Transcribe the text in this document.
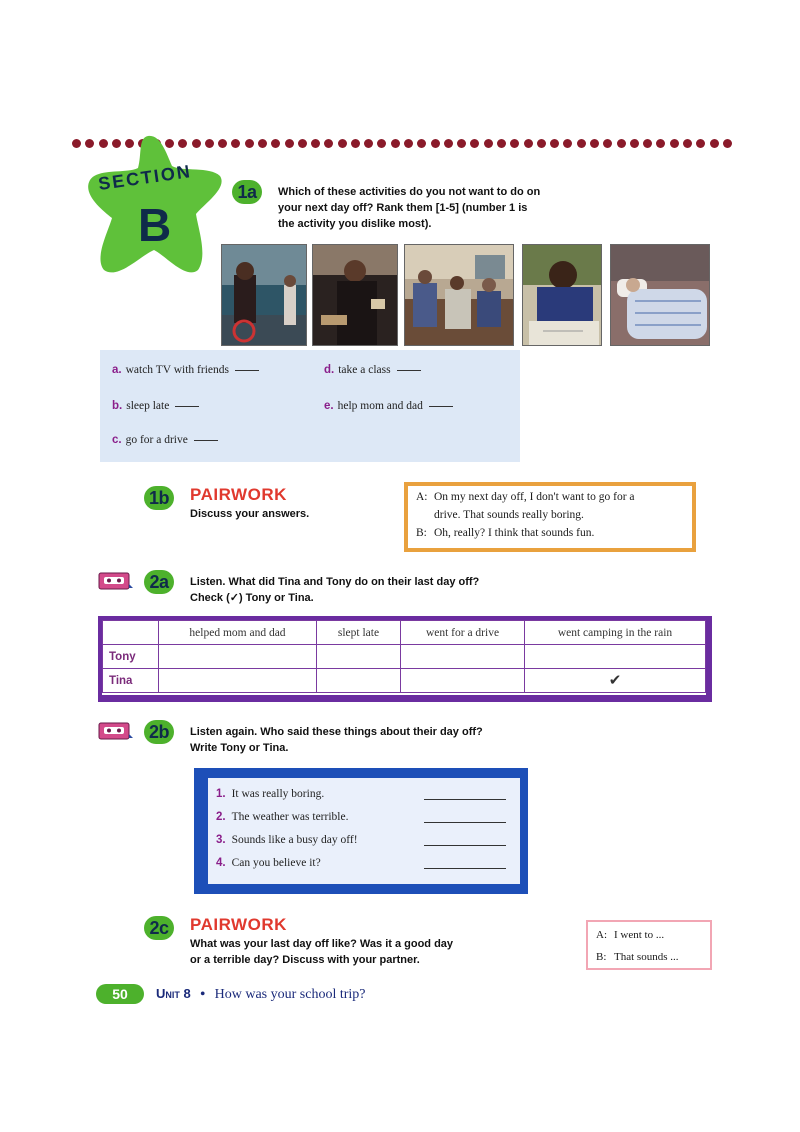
SECTION
B
1a	Which of these activities do you not want to do on
your next day off? Rank them [1-5] (number 1 is
the activity you dislike most).
a. watch TV with friends
b. sleep late
c. go for a drive
d. take a class
e. help mom and dad
1b PAIRWORK
Discuss your answers.
A: On my next day off, I don't want to go for a
drive. That sounds really boring.
B: Oh, really? I think that sounds fun.
2a	Listen. What did Tina and Tony do on their last day off?
Check (✓) Tony or Tina.
	helped mom and dad	slept late	went for a drive	went camping in the rain
Tony				
Tina				✔
2b	Listen again. Who said these things about their day off?
Write Tony or Tina.
1. It was really boring.
2. The weather was terrible.
3. Sounds like a busy day off!
4. Can you believe it?
2c	PAIRWORK
What was your last day off like? Was it a good day
or a terrible day? Discuss with your partner.
A: I went to ...
B: That sounds ...
50	Unit 8 • How was your school trip?
